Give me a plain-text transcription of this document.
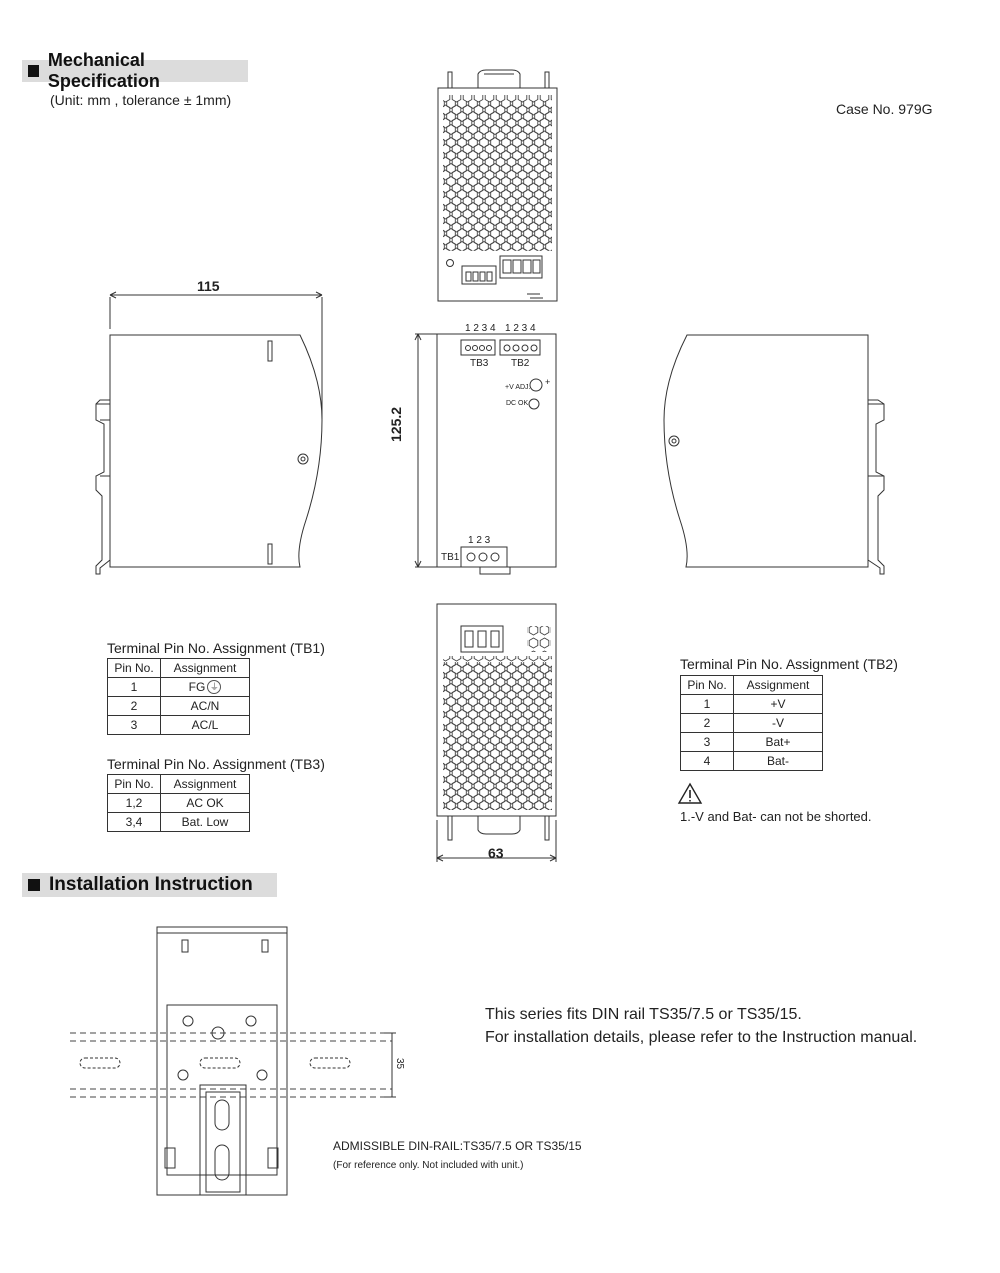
Mechanical Specification
(Unit: mm , tolerance ± 1mm)
Case No. 979G
115
125.2
63
1 2 3 4 1 2 3 4
TB3 TB2
+V ADJ.
+
DC OK
1 2 3
TB1
Terminal Pin No. Assignment (TB1)
Pin No.	Assignment
1	FG ⏚
2	AC/N
3	AC/L
Terminal Pin No. Assignment (TB3)
Pin No.	Assignment
1,2	AC OK
3,4	Bat. Low
Terminal Pin No. Assignment (TB2)
Pin No.	Assignment
1	+V
2	-V
3	Bat+
4	Bat-
1.-V and Bat- can not be shorted.
Installation Instruction
This series fits DIN rail TS35/7.5 or TS35/15.
For installation details, please refer to the Instruction manual.
35
ADMISSIBLE DIN-RAIL:TS35/7.5 OR TS35/15
(For reference only. Not included with unit.)
